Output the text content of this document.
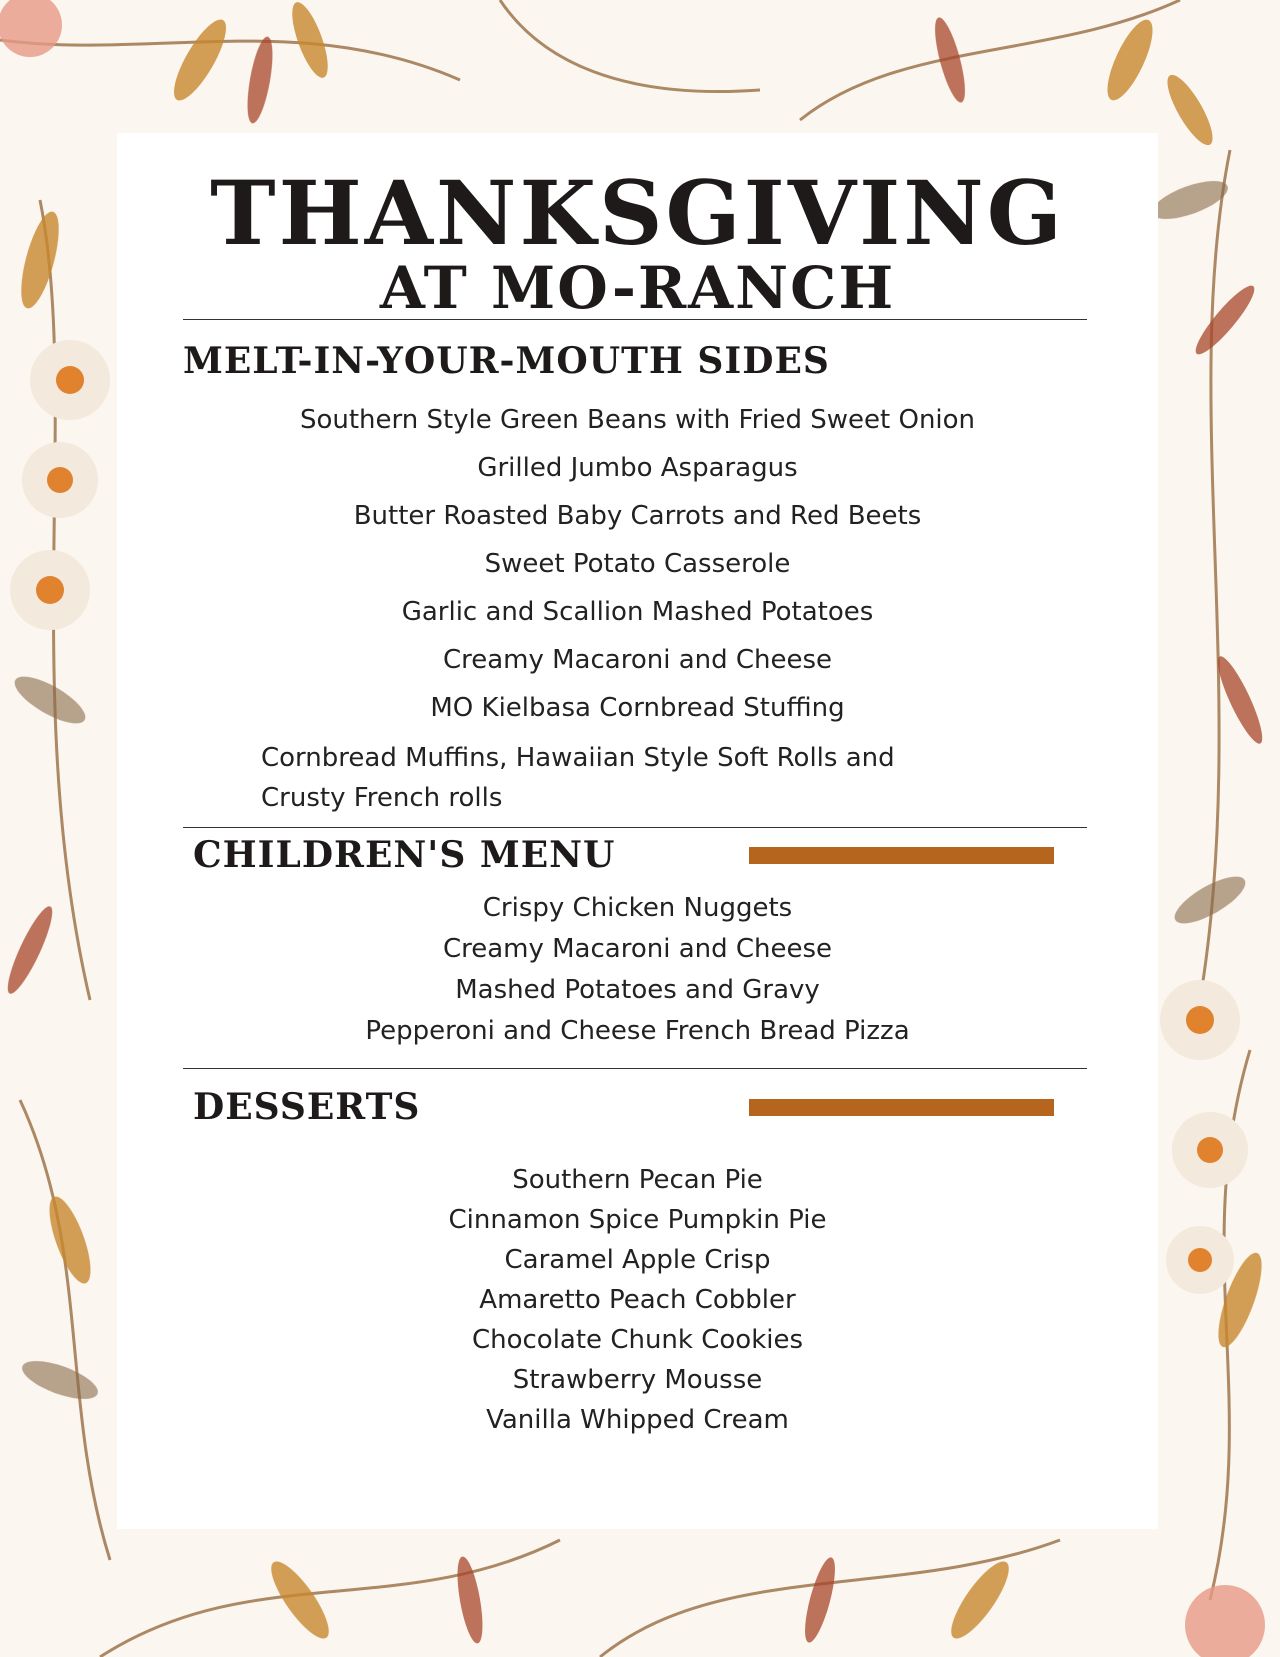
THANKSGIVING
AT MO-RANCH
MELT-IN-YOUR-MOUTH SIDES
Southern Style Green Beans with Fried Sweet Onion
Grilled Jumbo Asparagus
Butter Roasted Baby Carrots and Red Beets
Sweet Potato Casserole
Garlic and Scallion Mashed Potatoes
Creamy Macaroni and Cheese
MO Kielbasa Cornbread Stuffing

Cornbread Muffins, Hawaiian Style Soft Rolls and Crusty French rolls

CHILDREN'S MENU
Crispy Chicken Nuggets
Creamy Macaroni and Cheese
Mashed Potatoes and Gravy
Pepperoni and Cheese French Bread Pizza
DESSERTS
Southern Pecan Pie
Cinnamon Spice Pumpkin Pie
Caramel Apple Crisp
Amaretto Peach Cobbler
Chocolate Chunk Cookies
Strawberry Mousse
Vanilla Whipped Cream
